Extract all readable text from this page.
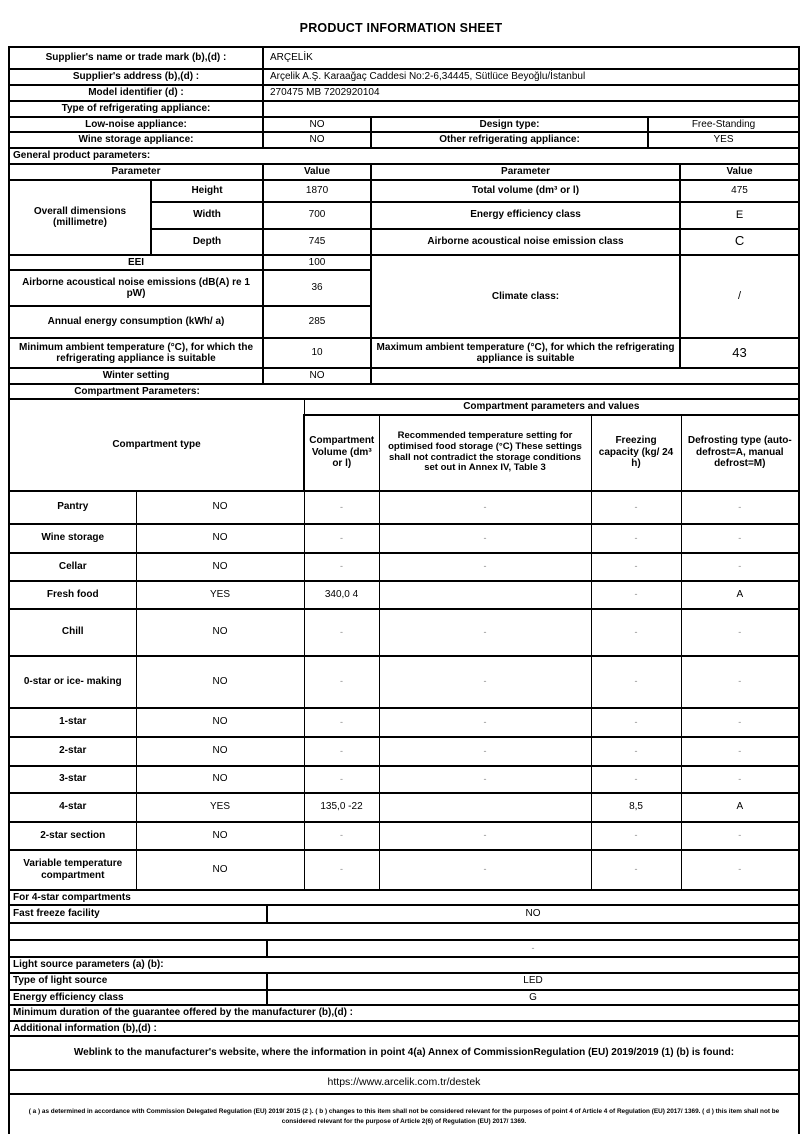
PRODUCT INFORMATION SHEET
Supplier's name or trade mark (b),(d) :	ARÇELİK		
Supplier's address (b),(d) :	Arçelik A.Ş. Karaağaç Caddesi No:2-6,34445, Sütlüce Beyoğlu/İstanbul		
Model identifier (d) :	270475 MB 7202920104		
Type of refrigerating appliance:			
Low-noise appliance:	NO	Design type:	Free-Standing
Wine storage appliance:	NO	Other refrigerating appliance:	YES
General product parameters:			
Parameter		Value	Parameter	Value
Overall dimensions (millimetre)	Height	1870	Total volume (dm³ or l)	475
	Width	700	Energy efficiency class	E
	Depth	745	Airborne acoustical noise emission class	C
EEI		100	Climate class:	/
Airborne acoustical noise emissions (dB(A) re 1 pW)		36		
Annual energy consumption (kWh/ a)		285		
Minimum ambient temperature (°C), for which the refrigerating appliance is suitable		10	Maximum ambient temperature (°C), for which the refrigerating appliance is suitable	43
Winter setting		NO		

Compartment Parameters:				
Compartment type		Compartment parameters and values			
		Compartment Volume (dm³ or l)	Recommended temperature setting for optimised food storage (°C) These settings shall not contradict the storage conditions set out in Annex IV, Table 3	Freezing capacity (kg/ 24 h)	Defrosting type (auto-defrost=A, manual defrost=M)
Pantry	NO	-	-	-	-
Wine storage	NO	-	-	-	-
Cellar	NO	-	-	-	-
Fresh food	YES	340,0 4		-	A
Chill	NO	-	-	-	-
0-star or ice- making	NO	-	-	-	-
1-star	NO	-	-	-	-
2-star	NO	-	-	-	-
3-star	NO	-	-	-	-
4-star	YES	135,0 -22		8,5	A
2-star section	NO	-	-	-	-
Variable temperature compartment	NO	-	-	-	-
For 4-star compartments	
Fast freeze facility	NO

	-
Light source parameters (a) (b):	
Type of light source	LED
Energy efficiency class	G
Minimum duration of the guarantee offered by the manufacturer (b),(d) :	
Additional information (b),(d) :	
Weblink to the manufacturer's website, where the information in point 4(a) Annex of CommissionRegulation (EU) 2019/2019 (1) (b) is found:	
https://www.arcelik.com.tr/destek	
( a ) as determined in accordance with Commission Delegated Regulation (EU) 2019/ 2015 (2 ). ( b ) changes to this item shall not be considered relevant for the purposes of point 4 of Article 4 of Regulation (EU) 2017/ 1369. ( d ) this item shall not be considered relevant for the purpose of Article 2(6) of Regulation (EU) 2017/ 1369.	
